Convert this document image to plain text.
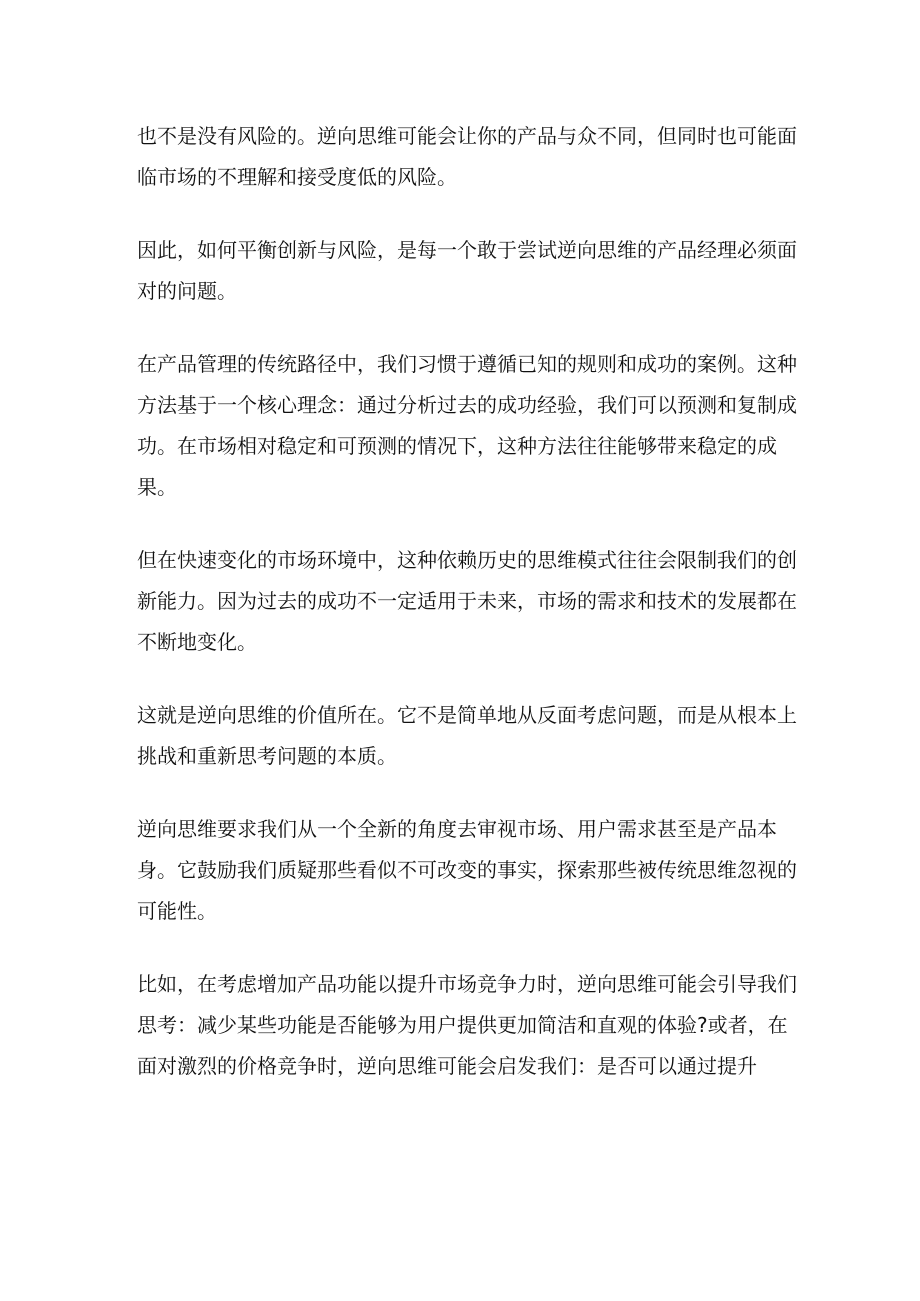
也不是没有风险的。逆向思维可能会让你的产品与众不同，但同时也可能面临市场的不理解和接受度低的风险。

因此，如何平衡创新与风险，是每一个敢于尝试逆向思维的产品经理必须面对的问题。

在产品管理的传统路径中，我们习惯于遵循已知的规则和成功的案例。这种方法基于一个核心理念：通过分析过去的成功经验，我们可以预测和复制成功。在市场相对稳定和可预测的情况下，这种方法往往能够带来稳定的成果。

但在快速变化的市场环境中，这种依赖历史的思维模式往往会限制我们的创新能力。因为过去的成功不一定适用于未来，市场的需求和技术的发展都在不断地变化。

这就是逆向思维的价值所在。它不是简单地从反面考虑问题，而是从根本上挑战和重新思考问题的本质。

逆向思维要求我们从一个全新的角度去审视市场、用户需求甚至是产品本身。它鼓励我们质疑那些看似不可改变的事实，探索那些被传统思维忽视的可能性。

比如，在考虑增加产品功能以提升市场竞争力时，逆向思维可能会引导我们思考：减少某些功能是否能够为用户提供更加简洁和直观的体验?或者，在面对激烈的价格竞争时，逆向思维可能会启发我们：是否可以通过提升
